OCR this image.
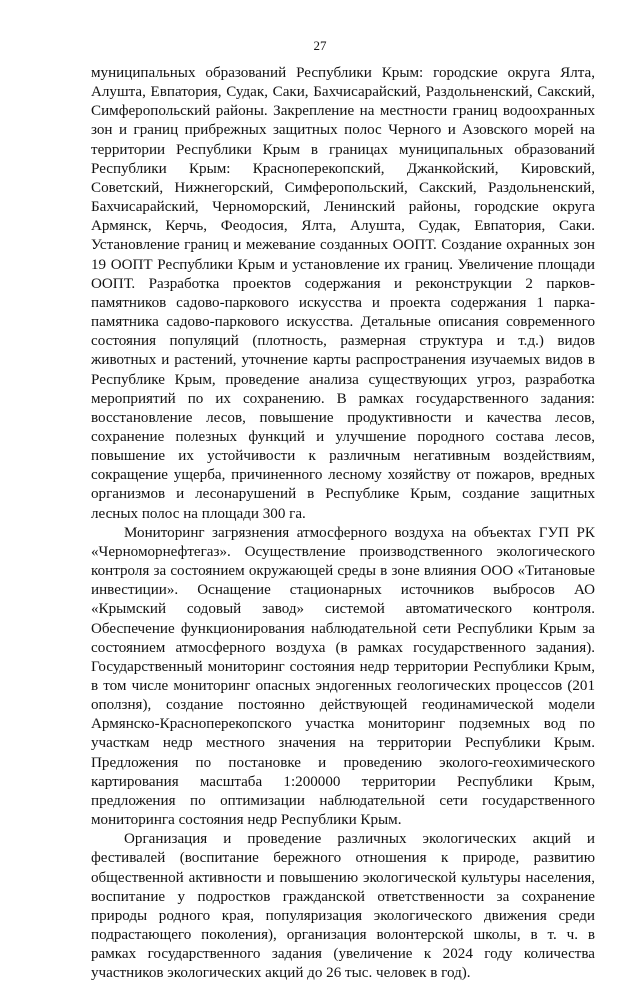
27

муниципальных образований Республики Крым: городские округа Ялта, Алушта, Евпатория, Судак, Саки, Бахчисарайский, Раздольненский, Сакский, Симферопольский районы. Закрепление на местности границ водоохранных зон и границ прибрежных защитных полос Черного и Азовского морей на территории Республики Крым в границах муниципальных образований Республики Крым: Красноперекопский, Джанкойский, Кировский, Советский, Нижнегорский, Симферопольский, Сакский, Раздольненский, Бахчисарайский, Черноморский, Ленинский районы, городские округа Армянск, Керчь, Феодосия, Ялта, Алушта, Судак, Евпатория, Саки. Установление границ и межевание созданных ООПТ. Создание охранных зон 19 ООПТ Республики Крым и установление их границ. Увеличение площади ООПТ. Разработка проектов содержания и реконструкции 2 парков-памятников садово-паркового искусства и проекта содержания 1 парка-памятника садово-паркового искусства. Детальные описания современного состояния популяций (плотность, размерная структура и т.д.) видов животных и растений, уточнение карты распространения изучаемых видов в Республике Крым, проведение анализа существующих угроз, разработка мероприятий по их сохранению. В рамках государственного задания: восстановление лесов, повышение продуктивности и качества лесов, сохранение полезных функций и улучшение породного состава лесов, повышение их устойчивости к различным негативным воздействиям, сокращение ущерба, причиненного лесному хозяйству от пожаров, вредных организмов и лесонарушений в Республике Крым, создание защитных лесных полос на площади 300 га.

Мониторинг загрязнения атмосферного воздуха на объектах ГУП РК «Черноморнефтегаз». Осуществление производственного экологического контроля за состоянием окружающей среды в зоне влияния ООО «Титановые инвестиции». Оснащение стационарных источников выбросов АО «Крымский содовый завод» системой автоматического контроля. Обеспечение функционирования наблюдательной сети Республики Крым за состоянием атмосферного воздуха (в рамках государственного задания). Государственный мониторинг состояния недр территории Республики Крым, в том числе мониторинг опасных эндогенных геологических процессов (201 оползня), создание постоянно действующей геодинамической модели Армянско-Красноперекопского участка мониторинг подземных вод по участкам недр местного значения на территории Республики Крым. Предложения по постановке и проведению эколого-геохимического картирования масштаба 1:200000 территории Республики Крым, предложения по оптимизации наблюдательной сети государственного мониторинга состояния недр Республики Крым.

Организация и проведение различных экологических акций и фестивалей (воспитание бережного отношения к природе, развитию общественной активности и повышению экологической культуры населения, воспитание у подростков гражданской ответственности за сохранение природы родного края, популяризация экологического движения среди подрастающего поколения), организация волонтерской школы, в т. ч. в рамках государственного задания (увеличение к 2024 году количества участников экологических акций до 26 тыс. человек в год).
